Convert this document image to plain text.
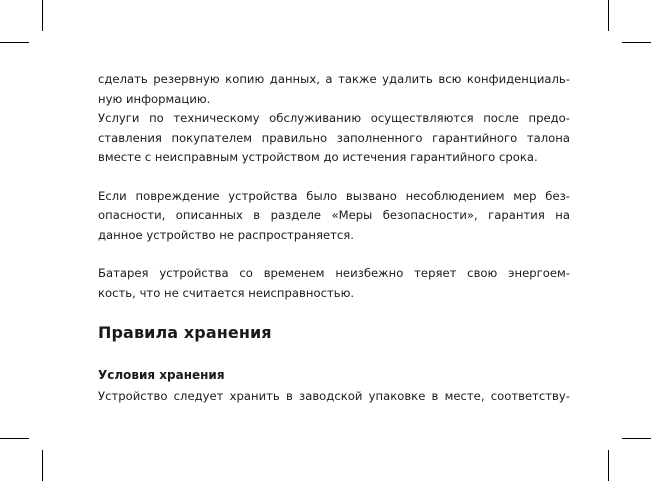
сделать резервную копию данных, а также удалить всю конфиденциаль-
ную информацию.

Услуги по техническому обслуживанию осуществляются после предо-
ставления покупателем правильно заполненного гарантийного талона
вместе с неисправным устройством до истечения гарантийного срока.

Если повреждение устройства было вызвано несоблюдением мер без-
опасности, описанных в разделе «Меры безопасности», гарантия на
данное устройство не распространяется.

Батарея устройства со временем неизбежно теряет свою энергоем-
кость, что не считается неисправностью.

Правила хранения
Условия хранения

Устройство следует хранить в заводской упаковке в месте, соответству-
